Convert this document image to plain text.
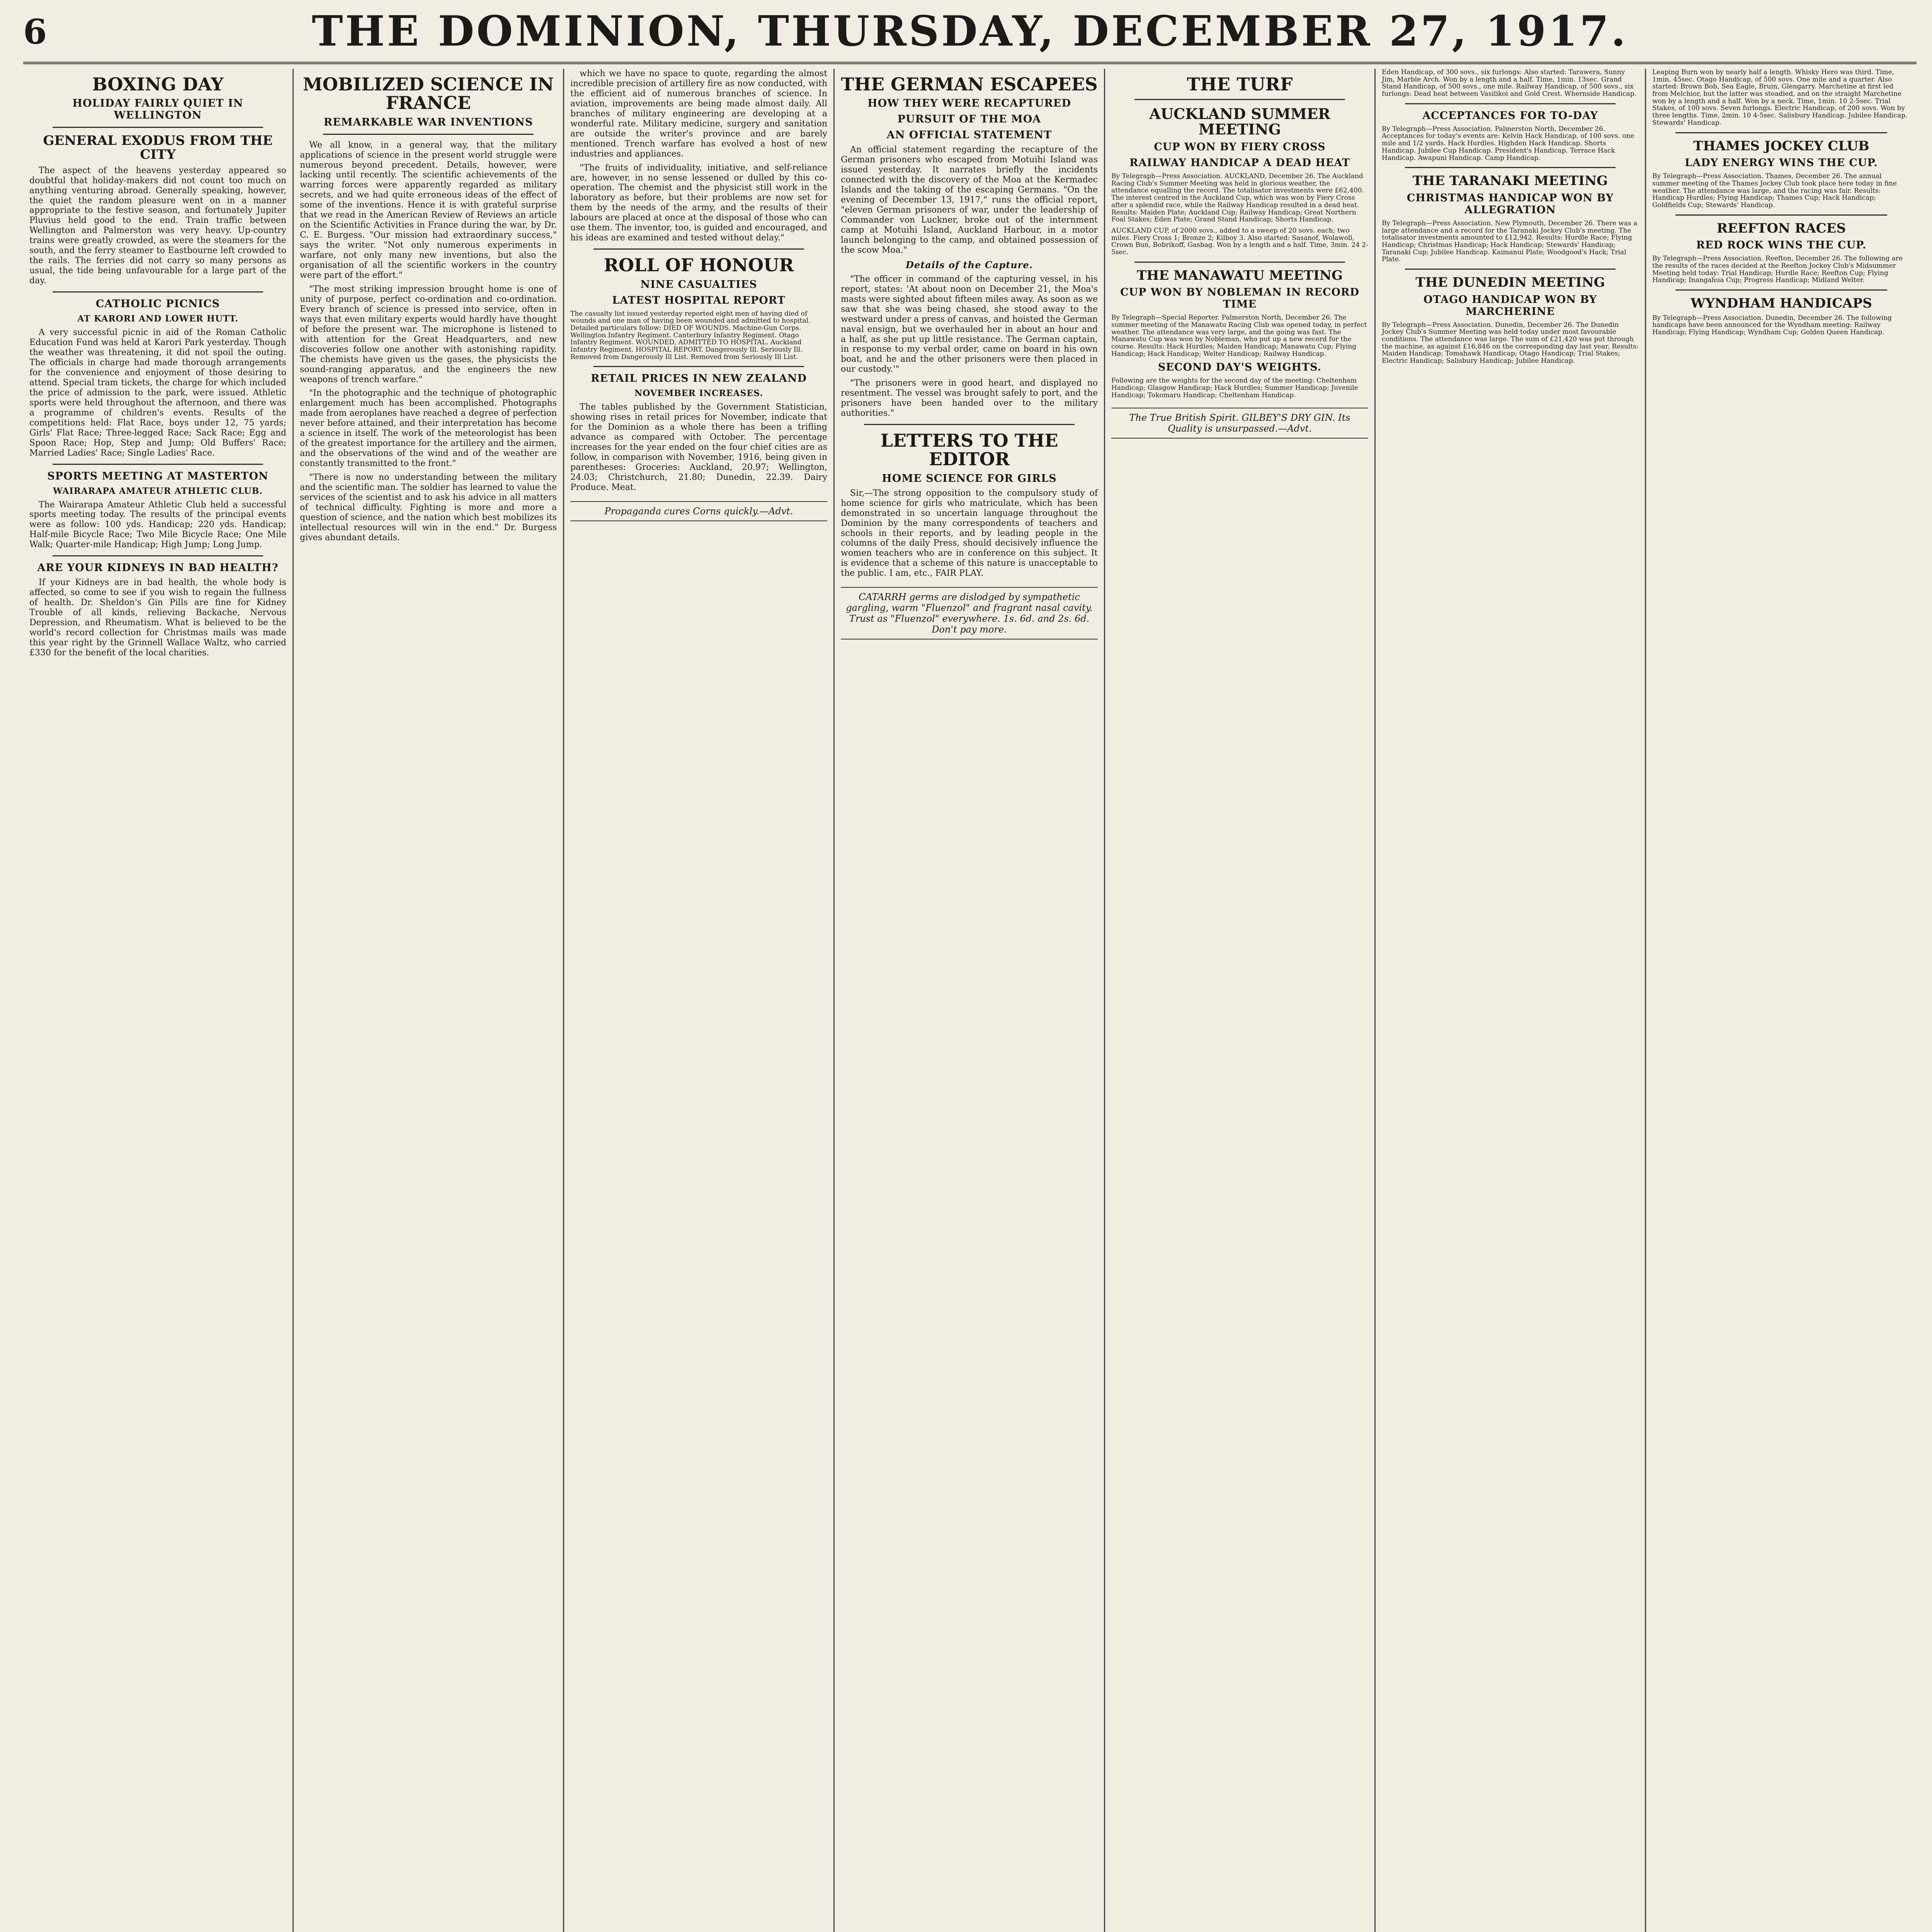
6	THE DOMINION, THURSDAY, DECEMBER 27, 1917.
BOXING DAY
HOLIDAY FAIRLY QUIET IN WELLINGTON
GENERAL EXODUS FROM THE CITY

The aspect of the heavens yesterday appeared so doubtful that holiday-makers did not count too much on anything venturing abroad. Generally speaking, however, the quiet the random pleasure went on in a manner appropriate to the festive season, and fortunately Jupiter Pluvius held good to the end. Train traffic between Wellington and Palmerston was very heavy. Up-country trains were greatly crowded, as were the steamers for the south, and the ferry steamer to Eastbourne left crowded to the rails. The ferries did not carry so many persons as usual, the tide being unfavourable for a large part of the day.

CATHOLIC PICNICS
AT KARORI AND LOWER HUTT.

A very successful picnic in aid of the Roman Catholic Education Fund was held at Karori Park yesterday. Though the weather was threatening, it did not spoil the outing. The officials in charge had made thorough arrangements for the convenience and enjoyment of those desiring to attend. Special tram tickets, the charge for which included the price of admission to the park, were issued. Athletic sports were held throughout the afternoon, and there was a programme of children's events. Results of the competitions held: Flat Race, boys under 12, 75 yards; Girls' Flat Race; Three-legged Race; Sack Race; Egg and Spoon Race; Hop, Step and Jump; Old Buffers' Race; Married Ladies' Race; Single Ladies' Race.

SPORTS MEETING AT MASTERTON
WAIRARAPA AMATEUR ATHLETIC CLUB.

The Wairarapa Amateur Athletic Club held a successful sports meeting today. The results of the principal events were as follow: 100 yds. Handicap; 220 yds. Handicap; Half-mile Bicycle Race; Two Mile Bicycle Race; One Mile Walk; Quarter-mile Handicap; High Jump; Long Jump.

ARE YOUR KIDNEYS IN BAD HEALTH?

If your Kidneys are in bad health, the whole body is affected, so come to see if you wish to regain the fullness of health. Dr. Sheldon's Gin Pills are fine for Kidney Trouble of all kinds, relieving Backache, Nervous Depression, and Rheumatism. What is believed to be the world's record collection for Christmas mails was made this year right by the Grinnell Wallace Waltz, who carried £330 for the benefit of the local charities.

MOBILIZED SCIENCE IN FRANCE
REMARKABLE WAR INVENTIONS

We all know, in a general way, that the military applications of science in the present world struggle were numerous beyond precedent. Details, however, were lacking until recently. The scientific achievements of the warring forces were apparently regarded as military secrets, and we had quite erroneous ideas of the effect of some of the inventions. Hence it is with grateful surprise that we read in the American Review of Reviews an article on the Scientific Activities in France during the war, by Dr. C. E. Burgess. "Our mission had extraordinary success," says the writer. "Not only numerous experiments in warfare, not only many new inventions, but also the organisation of all the scientific workers in the country were part of the effort."

"The most striking impression brought home is one of unity of purpose, perfect co-ordination and co-ordination. Every branch of science is pressed into service, often in ways that even military experts would hardly have thought of before the present war. The microphone is listened to with attention for the Great Headquarters, and new discoveries follow one another with astonishing rapidity. The chemists have given us the gases, the physicists the sound-ranging apparatus, and the engineers the new weapons of trench warfare."

"In the photographic and the technique of photographic enlargement much has been accomplished. Photographs made from aeroplanes have reached a degree of perfection never before attained, and their interpretation has become a science in itself. The work of the meteorologist has been of the greatest importance for the artillery and the airmen, and the observations of the wind and of the weather are constantly transmitted to the front."

"There is now no understanding between the military and the scientific man. The soldier has learned to value the services of the scientist and to ask his advice in all matters of technical difficulty. Fighting is more and more a question of science, and the nation which best mobilizes its intellectual resources will win in the end." Dr. Burgess gives abundant details.

which we have no space to quote, regarding the almost incredible precision of artillery fire as now conducted, with the efficient aid of numerous branches of science. In aviation, improvements are being made almost daily. All branches of military engineering are developing at a wonderful rate. Military medicine, surgery and sanitation are outside the writer's province and are barely mentioned. Trench warfare has evolved a host of new industries and appliances.

"The fruits of individuality, initiative, and self-reliance are, however, in no sense lessened or dulled by this co-operation. The chemist and the physicist still work in the laboratory as before, but their problems are now set for them by the needs of the army, and the results of their labours are placed at once at the disposal of those who can use them. The inventor, too, is guided and encouraged, and his ideas are examined and tested without delay."

ROLL OF HONOUR
NINE CASUALTIES
LATEST HOSPITAL REPORT

The casualty list issued yesterday reported eight men of having died of wounds and one man of having been wounded and admitted to hospital. Detailed particulars follow: DIED OF WOUNDS. Machine-Gun Corps. Wellington Infantry Regiment. Canterbury Infantry Regiment. Otago Infantry Regiment. WOUNDED, ADMITTED TO HOSPITAL. Auckland Infantry Regiment. HOSPITAL REPORT. Dangerously Ill. Seriously Ill. Removed from Dangerously Ill List. Removed from Seriously Ill List.

RETAIL PRICES IN NEW ZEALAND
NOVEMBER INCREASES.

The tables published by the Government Statistician, showing rises in retail prices for November, indicate that for the Dominion as a whole there has been a trifling advance as compared with October. The percentage increases for the year ended on the four chief cities are as follow, in comparison with November, 1916, being given in parentheses: Groceries: Auckland, 20.97; Wellington, 24.03; Christchurch, 21.80; Dunedin, 22.39. Dairy Produce. Meat.

Propaganda cures Corns quickly.—Advt.
THE GERMAN ESCAPEES
HOW THEY WERE RECAPTURED
PURSUIT OF THE MOA
AN OFFICIAL STATEMENT

An official statement regarding the recapture of the German prisoners who escaped from Motuihi Island was issued yesterday. It narrates briefly the incidents connected with the discovery of the Moa at the Kermadec Islands and the taking of the escaping Germans. "On the evening of December 13, 1917," runs the official report, "eleven German prisoners of war, under the leadership of Commander von Luckner, broke out of the internment camp at Motuihi Island, Auckland Harbour, in a motor launch belonging to the camp, and obtained possession of the scow Moa."

Details of the Capture.

"The officer in command of the capturing vessel, in his report, states: 'At about noon on December 21, the Moa's masts were sighted about fifteen miles away. As soon as we saw that she was being chased, she stood away to the westward under a press of canvas, and hoisted the German naval ensign, but we overhauled her in about an hour and a half, as she put up little resistance. The German captain, in response to my verbal order, came on board in his own boat, and he and the other prisoners were then placed in our custody.'"

"The prisoners were in good heart, and displayed no resentment. The vessel was brought safely to port, and the prisoners have been handed over to the military authorities."

LETTERS TO THE EDITOR
HOME SCIENCE FOR GIRLS

Sir,—The strong opposition to the compulsory study of home science for girls who matriculate, which has been demonstrated in so uncertain language throughout the Dominion by the many correspondents of teachers and schools in their reports, and by leading people in the columns of the daily Press, should decisively influence the women teachers who are in conference on this subject. It is evidence that a scheme of this nature is unacceptable to the public. I am, etc., FAIR PLAY.

CATARRH germs are dislodged by sympathetic gargling, warm "Fluenzol" and fragrant nasal cavity. Trust as "Fluenzol" everywhere. 1s. 6d. and 2s. 6d. Don't pay more.
THE TURF
AUCKLAND SUMMER MEETING
CUP WON BY FIERY CROSS
RAILWAY HANDICAP A DEAD HEAT

By Telegraph—Press Association. AUCKLAND, December 26. The Auckland Racing Club's Summer Meeting was held in glorious weather, the attendance equalling the record. The totalisator investments were £62,400. The interest centred in the Auckland Cup, which was won by Fiery Cross after a splendid race, while the Railway Handicap resulted in a dead heat. Results: Maiden Plate; Auckland Cup; Railway Handicap; Great Northern Foal Stakes; Eden Plate; Grand Stand Handicap; Shorts Handicap.

AUCKLAND CUP, of 2000 sovs., added to a sweep of 20 sovs. each; two miles. Fiery Cross 1; Bronze 2; Kilboy 3. Also started: Sasanof, Wolawoll, Crown Bun, Bobrikoff, Gasbag. Won by a length and a half. Time, 3min. 24 2-5sec.

THE MANAWATU MEETING
CUP WON BY NOBLEMAN IN RECORD TIME

By Telegraph—Special Reporter. Palmerston North, December 26. The summer meeting of the Manawatu Racing Club was opened today, in perfect weather. The attendance was very large, and the going was fast. The Manawatu Cup was won by Nobleman, who put up a new record for the course. Results: Hack Hurdles; Maiden Handicap; Manawatu Cup; Flying Handicap; Hack Handicap; Welter Handicap; Railway Handicap.

SECOND DAY'S WEIGHTS.

Following are the weights for the second day of the meeting: Cheltenham Handicap; Glasgow Handicap; Hack Hurdles; Summer Handicap; Juvenile Handicap; Tokomaru Handicap; Cheltenham Handicap.

The True British Spirit. GILBEY'S DRY GIN. Its Quality is unsurpassed.—Advt.

Eden Handicap, of 300 sovs., six furlongs: Also started: Tarawera, Sunny Jim, Marble Arch. Won by a length and a half. Time, 1min. 13sec. Grand Stand Handicap, of 500 sovs., one mile. Railway Handicap, of 500 sovs., six furlongs: Dead heat between Vasilikoi and Gold Crest. Whernside Handicap.

ACCEPTANCES FOR TO-DAY

By Telegraph—Press Association. Palmerston North, December 26. Acceptances for today's events are: Kelvin Hack Handicap, of 100 sovs. one mile and 1/2 yards. Hack Hurdles. Highden Hack Handicap. Shorts Handicap. Jubilee Cup Handicap. President's Handicap. Terrace Hack Handicap. Awapuni Handicap. Camp Handicap.

THE TARANAKI MEETING
CHRISTMAS HANDICAP WON BY ALLEGRATION

By Telegraph—Press Association. New Plymouth, December 26. There was a large attendance and a record for the Taranaki Jockey Club's meeting. The totalisator investments amounted to £12,942. Results: Hurdle Race; Flying Handicap; Christmas Handicap; Hack Handicap; Stewards' Handicap; Taranaki Cup; Jubilee Handicap. Kaimanui Plate; Woodgood's Hack; Trial Plate.

THE DUNEDIN MEETING
OTAGO HANDICAP WON BY MARCHERINE

By Telegraph—Press Association. Dunedin, December 26. The Dunedin Jockey Club's Summer Meeting was held today under most favourable conditions. The attendance was large. The sum of £21,420 was put through the machine, as against £16,846 on the corresponding day last year. Results: Maiden Handicap; Tomahawk Handicap; Otago Handicap; Trial Stakes; Electric Handicap; Salisbury Handicap; Jubilee Handicap.

Leaping Burn won by nearly half a length. Whisky Hero was third. Time, 1min. 45sec. Otago Handicap, of 500 sovs. One mile and a quarter. Also started: Brown Bob, Sea Eagle, Bruin, Glengarry. Marchetine at first led from Melchior, but the latter was steadied, and on the straight Marchetine won by a length and a half. Won by a neck. Time, 1min. 10 2-5sec. Trial Stakes, of 100 sovs. Seven furlongs. Electric Handicap, of 200 sovs. Won by three lengths. Time, 2min. 10 4-5sec. Salisbury Handicap. Jubilee Handicap. Stewards' Handicap.

THAMES JOCKEY CLUB
LADY ENERGY WINS THE CUP.

By Telegraph—Press Association. Thames, December 26. The annual summer meeting of the Thames Jockey Club took place here today in fine weather. The attendance was large, and the racing was fair. Results: Handicap Hurdles; Flying Handicap; Thames Cup; Hack Handicap; Goldfields Cup; Stewards' Handicap.

REEFTON RACES
RED ROCK WINS THE CUP.

By Telegraph—Press Association. Reefton, December 26. The following are the results of the races decided at the Reefton Jockey Club's Midsummer Meeting held today: Trial Handicap; Hurdle Race; Reefton Cup; Flying Handicap; Inangahua Cup; Progress Handicap; Midland Welter.

WYNDHAM HANDICAPS

By Telegraph—Press Association. Dunedin, December 26. The following handicaps have been announced for the Wyndham meeting: Railway Handicap; Flying Handicap; Wyndham Cup; Golden Queen Handicap.
